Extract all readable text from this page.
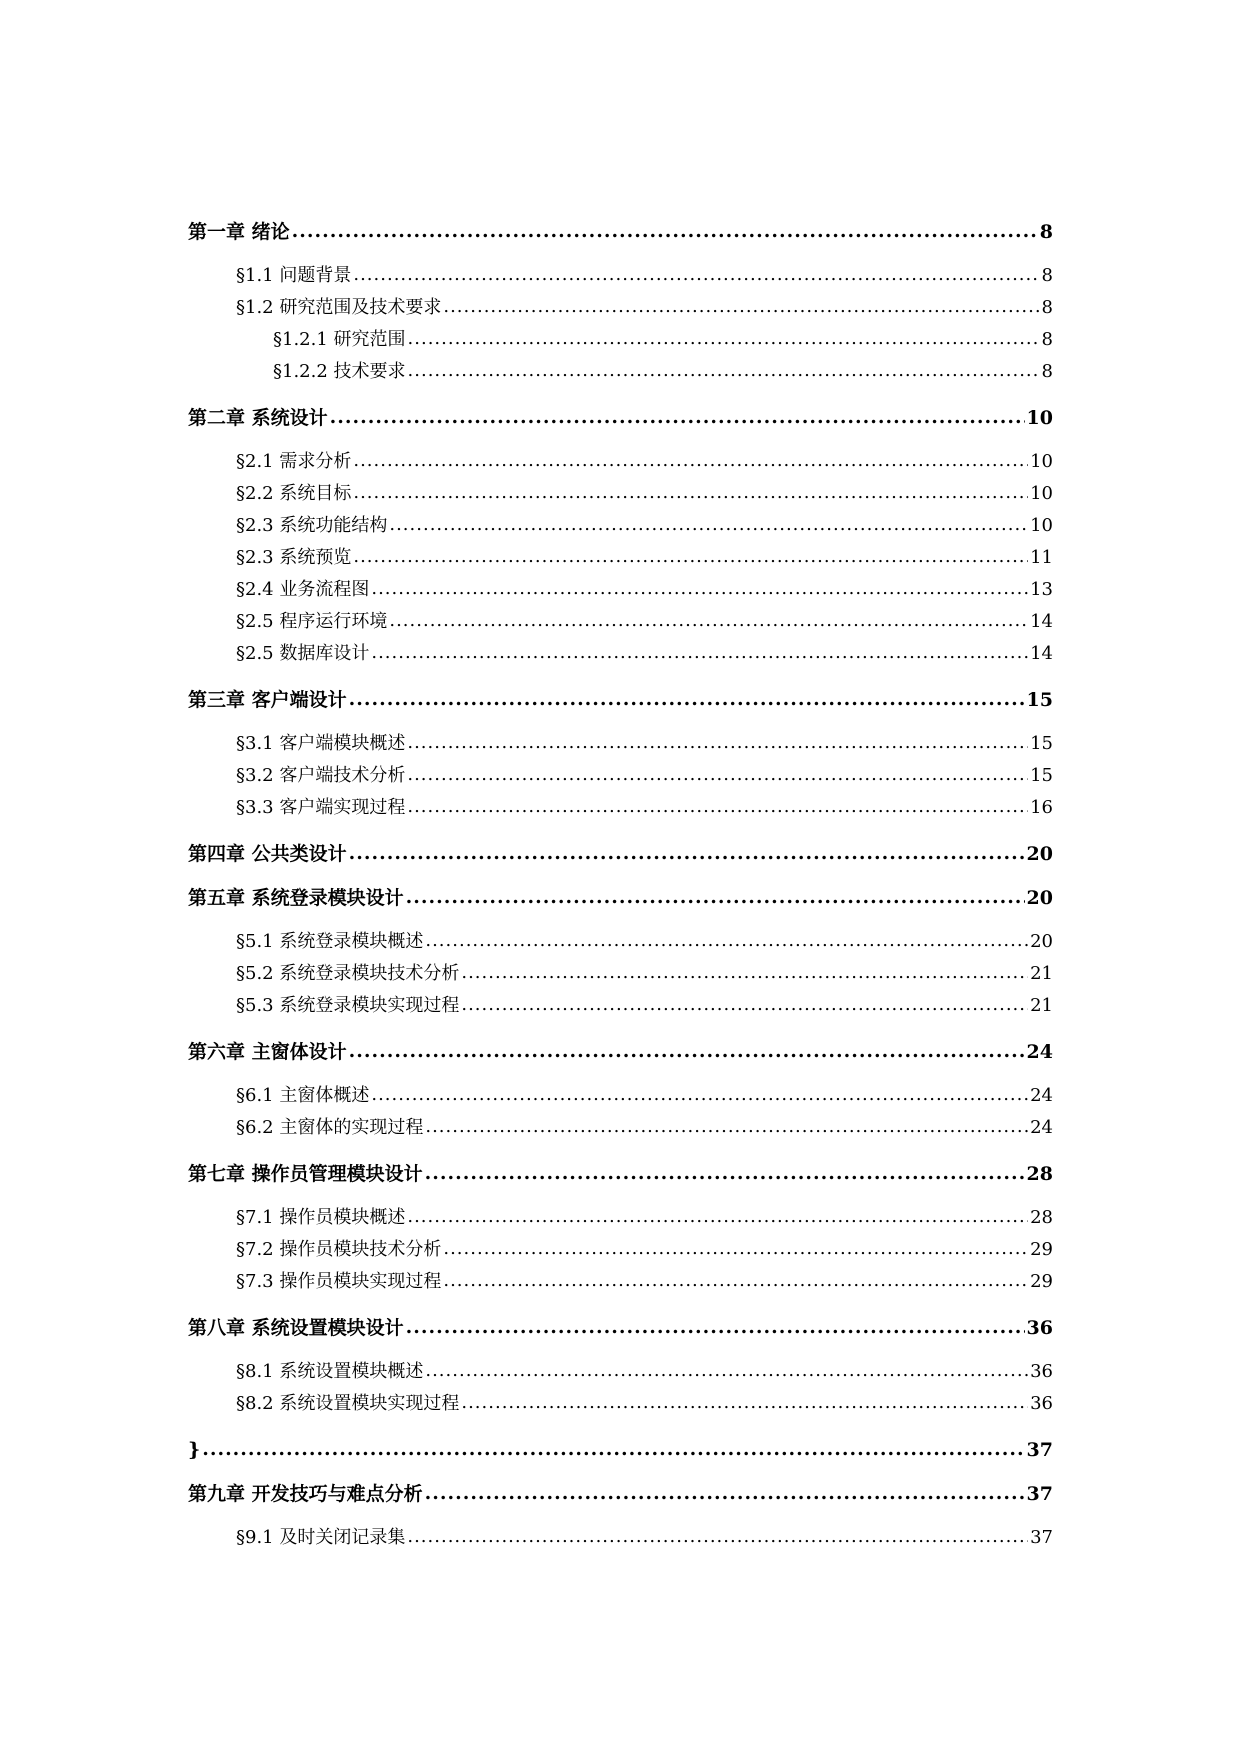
第一章 绪论 .....	8
§1.1 问题背景 .....	8
§1.2 研究范围及技术要求 .....	8
§1.2.1 研究范围 .....	8
§1.2.2 技术要求 .....	8
第二章 系统设计 .....	10
§2.1 需求分析 .....	10
§2.2 系统目标 .....	10
§2.3 系统功能结构 .....	10
§2.3 系统预览 .....	11
§2.4 业务流程图 .....	13
§2.5 程序运行环境 .....	14
§2.5 数据库设计 .....	14
第三章 客户端设计 .....	15
§3.1 客户端模块概述 .....	15
§3.2 客户端技术分析 .....	15
§3.3 客户端实现过程 .....	16
第四章 公共类设计 .....	20
第五章 系统登录模块设计 .....	20
§5.1 系统登录模块概述 .....	20
§5.2 系统登录模块技术分析 .....	21
§5.3 系统登录模块实现过程 .....	21
第六章 主窗体设计 .....	24
§6.1 主窗体概述 .....	24
§6.2 主窗体的实现过程 .....	24
第七章 操作员管理模块设计 .....	28
§7.1 操作员模块概述 .....	28
§7.2 操作员模块技术分析 .....	29
§7.3 操作员模块实现过程 .....	29
第八章 系统设置模块设计 .....	36
§8.1 系统设置模块概述 .....	36
§8.2 系统设置模块实现过程 .....	36
} .....	37
第九章 开发技巧与难点分析 .....	37
§9.1 及时关闭记录集 .....	37
